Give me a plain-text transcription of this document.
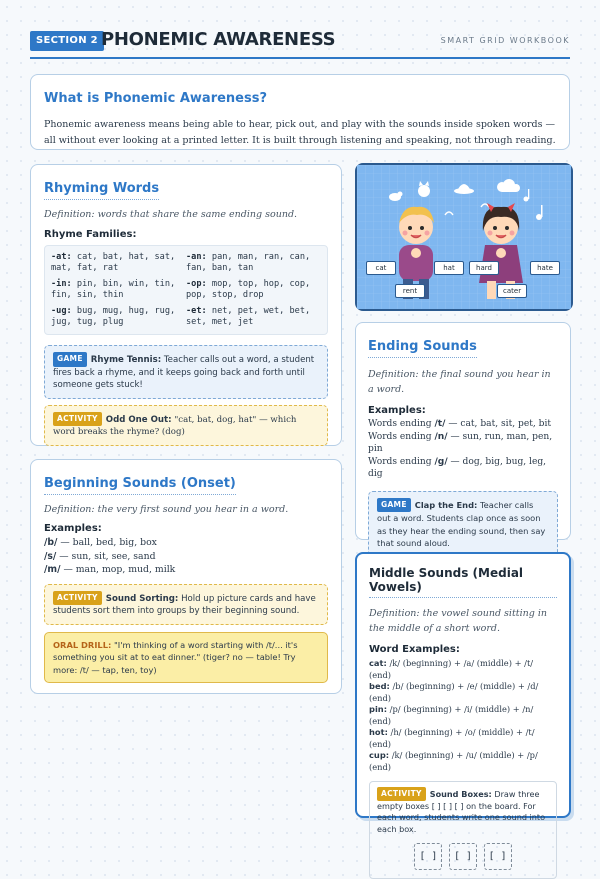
SECTION 2 PHONEMIC AWARENESS	SMART GRID WORKBOOK
What is Phonemic Awareness?
Phonemic awareness means being able to hear, pick out, and play with the sounds inside spoken words — all without ever looking at a printed letter. It is built through listening and speaking, not through reading.
Rhyming Words
Definition: words that share the same ending sound.
Rhyme Families:
-at: cat, bat, hat, sat, mat, fat, rat
-an: pan, man, ran, can, fan, ban, tan
-in: pin, bin, win, tin, fin, sin, thin
-op: mop, top, hop, cop, pop, stop, drop
-ug: bug, mug, hug, rug, jug, tug, plug
-et: net, pet, wet, bet, set, met, jet
GAME Rhyme Tennis: Teacher calls out a word, a student fires back a rhyme, and it keeps going back and forth until someone gets stuck!
ACTIVITY Odd One Out: "cat, bat, dog, hat" — which word breaks the rhyme? (dog)
Beginning Sounds (Onset)
Definition: the very first sound you hear in a word.
Examples:
/b/ — ball, bed, big, box
/s/ — sun, sit, see, sand
/m/ — man, mop, mud, milk
ACTIVITY Sound Sorting: Hold up picture cards and have students sort them into groups by their beginning sound.
ORAL DRILL: "I'm thinking of a word starting with /t/... it's something you sit at to eat dinner." (tiger? no — table! Try more: /t/ — tap, ten, toy)
cat	hat
rent
hard	hate
cater
Ending Sounds
Definition: the final sound you hear in a word.
Examples:
Words ending /t/ — cat, bat, sit, pet, bit
Words ending /n/ — sun, run, man, pen, pin
Words ending /g/ — dog, big, bug, leg, dig
GAME Clap the End: Teacher calls out a word. Students clap once as soon as they hear the ending sound, then say that sound aloud.
Middle Sounds (Medial Vowels)
Definition: the vowel sound sitting in the middle of a short word.
Word Examples:
cat: /k/ (beginning) + /a/ (middle) + /t/ (end)
bed: /b/ (beginning) + /e/ (middle) + /d/ (end)
pin: /p/ (beginning) + /i/ (middle) + /n/ (end)
hot: /h/ (beginning) + /o/ (middle) + /t/ (end)
cup: /k/ (beginning) + /u/ (middle) + /p/ (end)
ACTIVITY Sound Boxes: Draw three empty boxes [ ] [ ] [ ] on the board. For each word, students write one sound into each box.
[ ] [ ] [ ]
